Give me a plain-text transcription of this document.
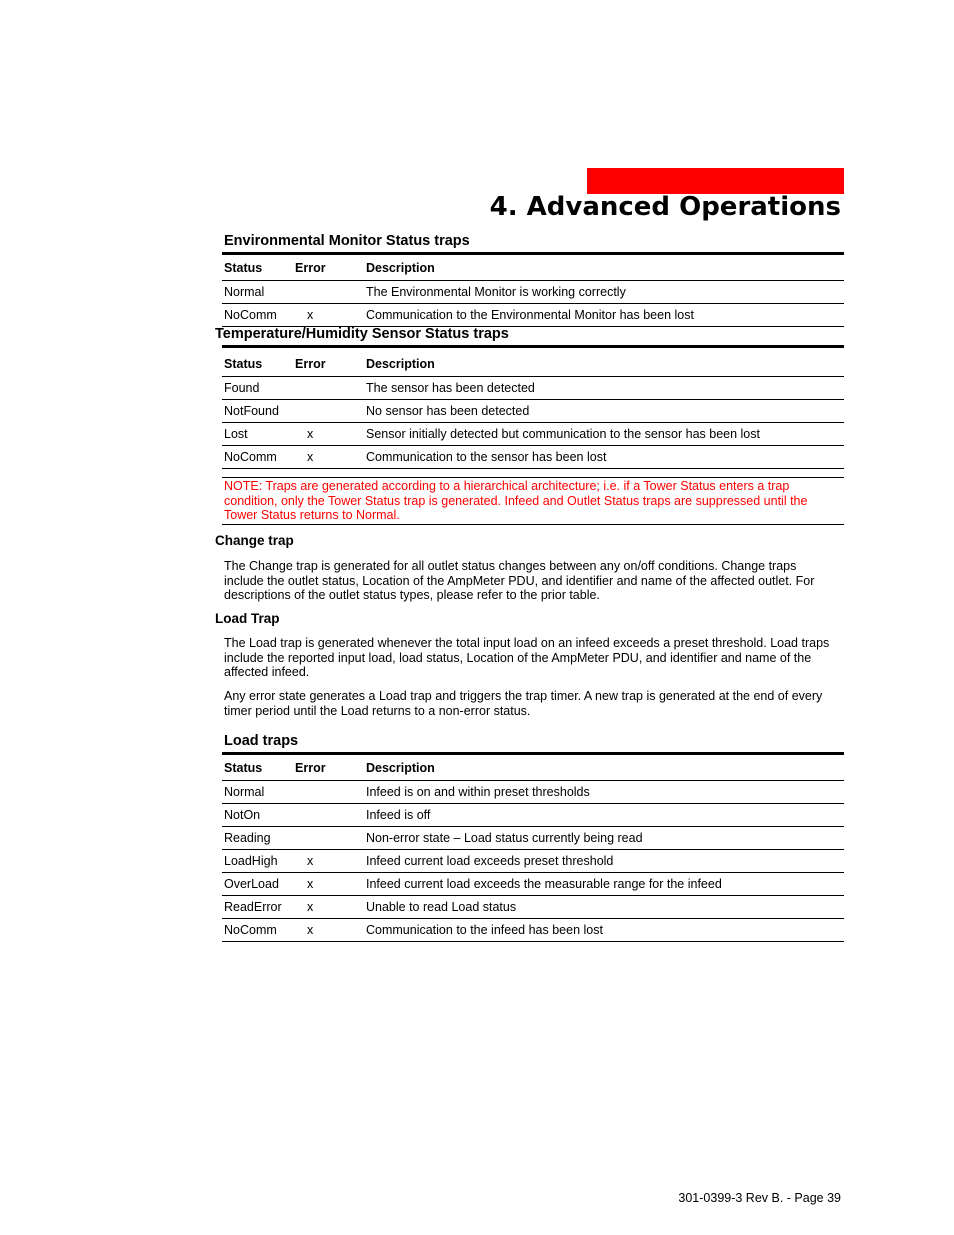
4. Advanced Operations
Environmental Monitor Status traps
Status	Error	Description
Normal		The Environmental Monitor is working correctly
NoComm	x	Communication to the Environmental Monitor has been lost
Temperature/Humidity Sensor Status traps
Status	Error	Description
Found		The sensor has been detected
NotFound		No sensor has been detected
Lost	x	Sensor initially detected but communication to the sensor has been lost
NoComm	x	Communication to the sensor has been lost
NOTE: Traps are generated according to a hierarchical architecture; i.e. if a Tower Status enters a trap condition, only the Tower Status trap is generated. Infeed and Outlet Status traps are suppressed until the Tower Status returns to Normal.
Change trap

The Change trap is generated for all outlet status changes between any on/off conditions. Change traps include the outlet status, Location of the AmpMeter PDU, and identifier and name of the affected outlet. For descriptions of the outlet status types, please refer to the prior table.

Load Trap

The Load trap is generated whenever the total input load on an infeed exceeds a preset threshold. Load traps include the reported input load, load status, Location of the AmpMeter PDU, and identifier and name of the affected infeed.

Any error state generates a Load trap and triggers the trap timer. A new trap is generated at the end of every timer period until the Load returns to a non-error status.

Load traps
Status	Error	Description
Normal		Infeed is on and within preset thresholds
NotOn		Infeed is off
Reading		Non-error state – Load status currently being read
LoadHigh	x	Infeed current load exceeds preset threshold
OverLoad	x	Infeed current load exceeds the measurable range for the infeed
ReadError	x	Unable to read Load status
NoComm	x	Communication to the infeed has been lost
301-0399-3 Rev B. - Page 39
